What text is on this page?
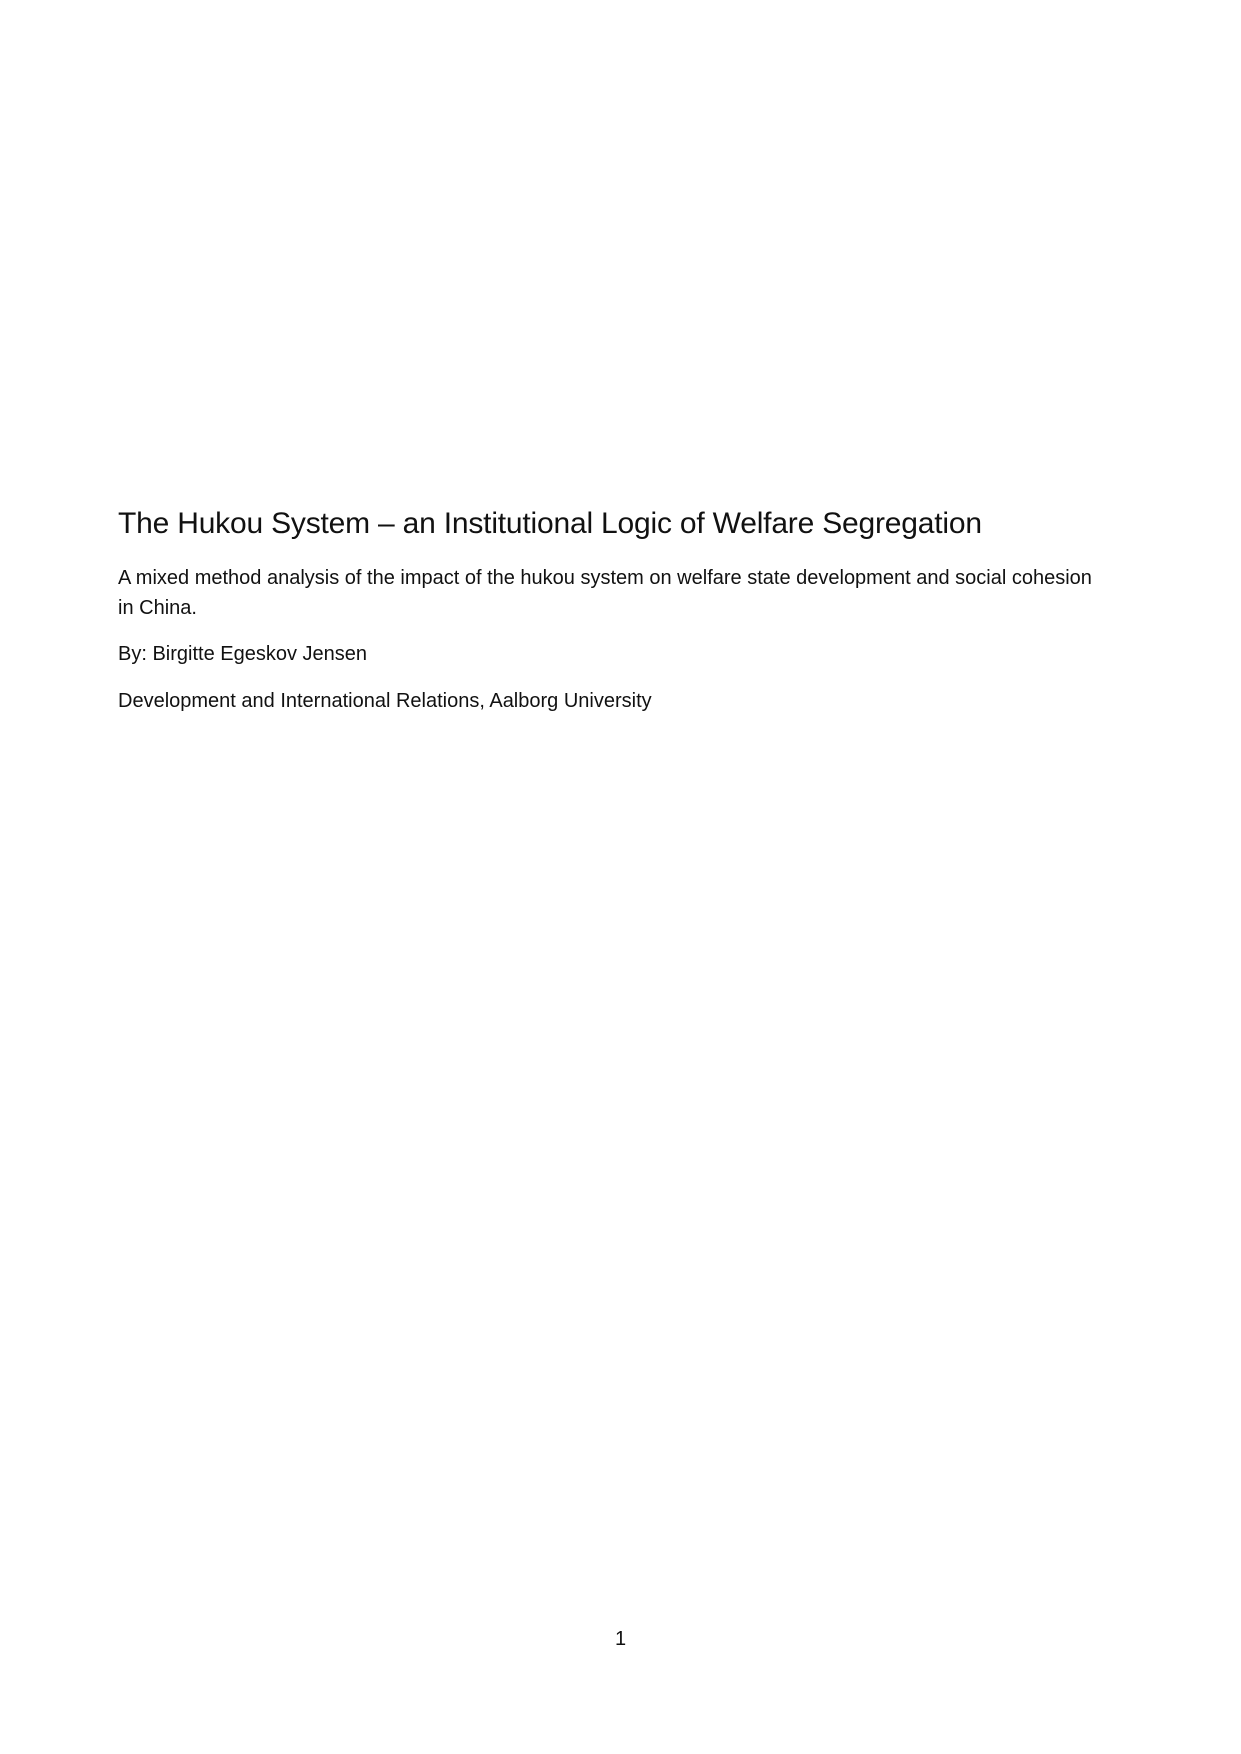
The Hukou System – an Institutional Logic of Welfare Segregation

A mixed method analysis of the impact of the hukou system on welfare state development and social cohesion in China.

By: Birgitte Egeskov Jensen

Development and International Relations, Aalborg University

1
